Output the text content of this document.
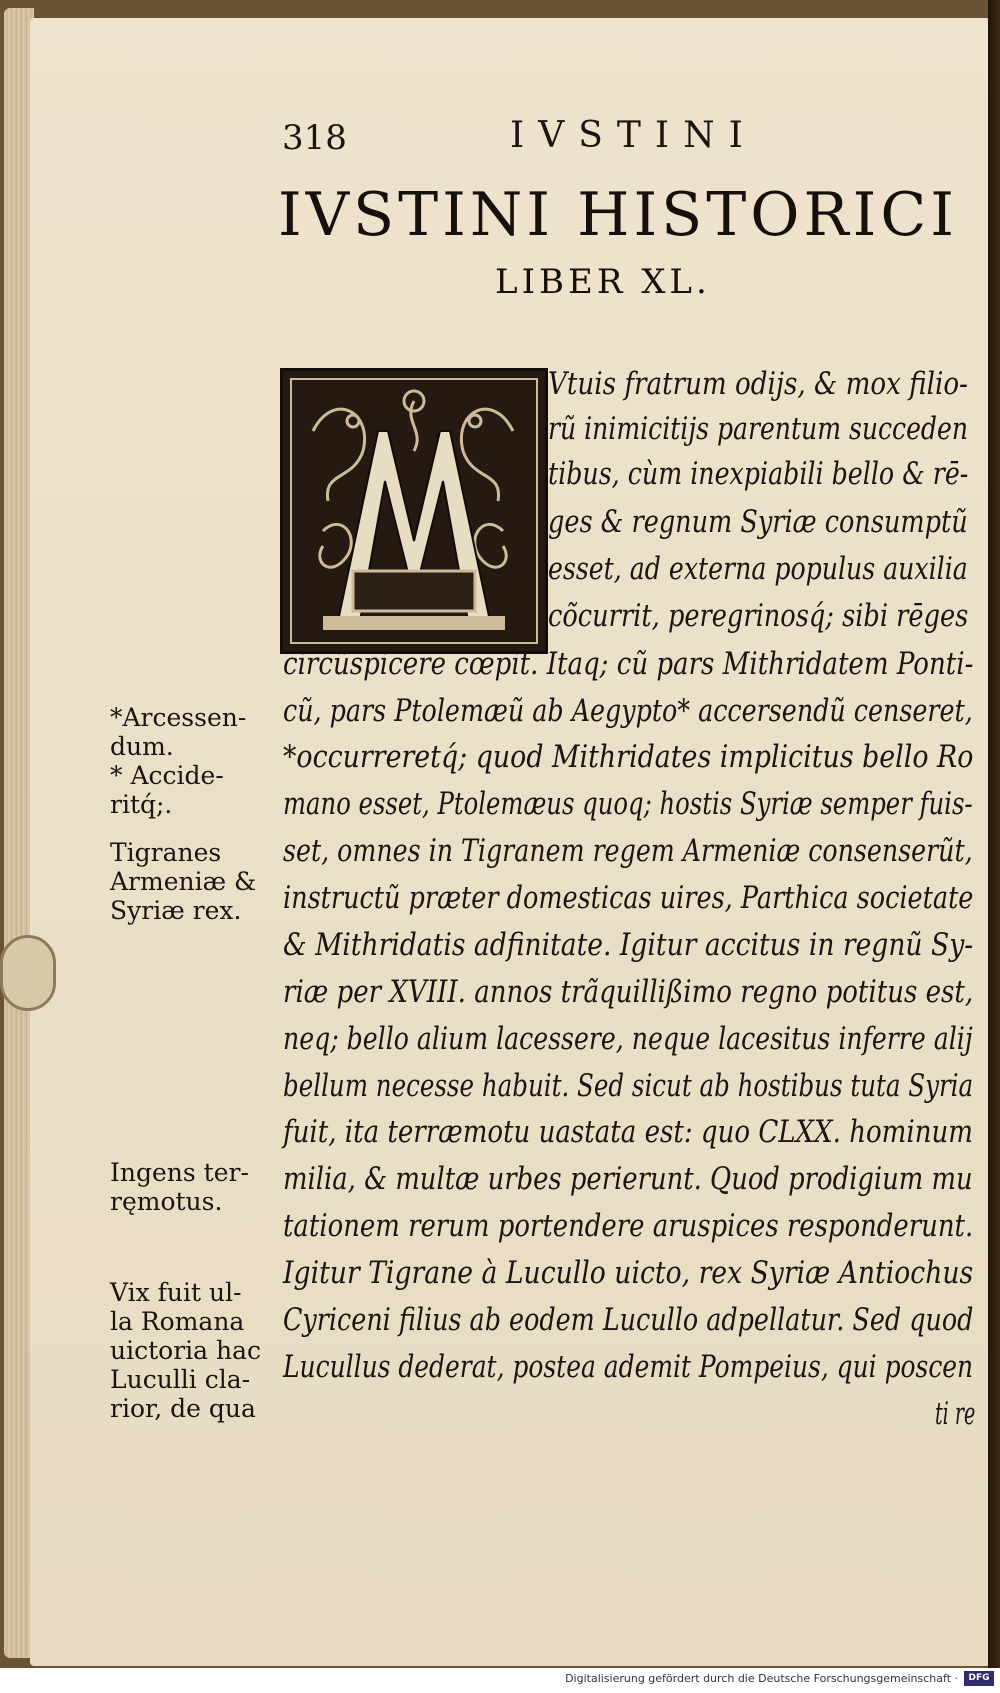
318	IVSTINI
IVSTINI HISTORICI
LIBER XL.
Vtuis fratrum odijs, & mox filio-
rũ inimicitijs parentum succeden
tibus, cùm inexpiabili bello & rē-
ges & regnum Syriæ consumptũ
esset, ad externa populus auxilia
cõcurrit, peregrinosq́; sibi rēges
circũspicere cœpit. Itaq; cũ pars Mithridatem Ponti-
cũ, pars Ptolemæũ ab Aegypto* accersendũ censeret,
*occurreretq́; quod Mithridates implicitus bello Ro
mano esset, Ptolemæus quoq; hostis Syriæ semper fuis-
set, omnes in Tigranem regem Armeniæ consenserũt,
instructũ præter domesticas uires, Parthica societate
& Mithridatis adfinitate. Igitur accitus in regnũ Sy-
riæ per XVIII. annos trãquillißimo regno potitus est,
neq; bello alium lacessere, neque lacesitus inferre alij
bellum necesse habuit. Sed sicut ab hostibus tuta Syria
fuit, ita terræmotu uastata est: quo CLXX. hominum
milia, & multæ urbes perierunt. Quod prodigium mu
tationem rerum portendere aruspices responderunt.
Igitur Tigrane à Lucullo uicto, rex Syriæ Antiochus
Cyriceni filius ab eodem Lucullo adpellatur. Sed quod
Lucullus dederat, postea ademit Pompeius, qui poscen
ti re
*Arcessen-
dum.
* Accide-
ritq́;.
Tigranes
Armeniæ &
Syriæ rex.
Ingens ter-
ręmotus.
Vix fuit ul-
la Romana
uictoria hac
Luculli cla-
rior, de qua
Digitalisierung gefördert durch die Deutsche Forschungsgemeinschaft ·	DFG
